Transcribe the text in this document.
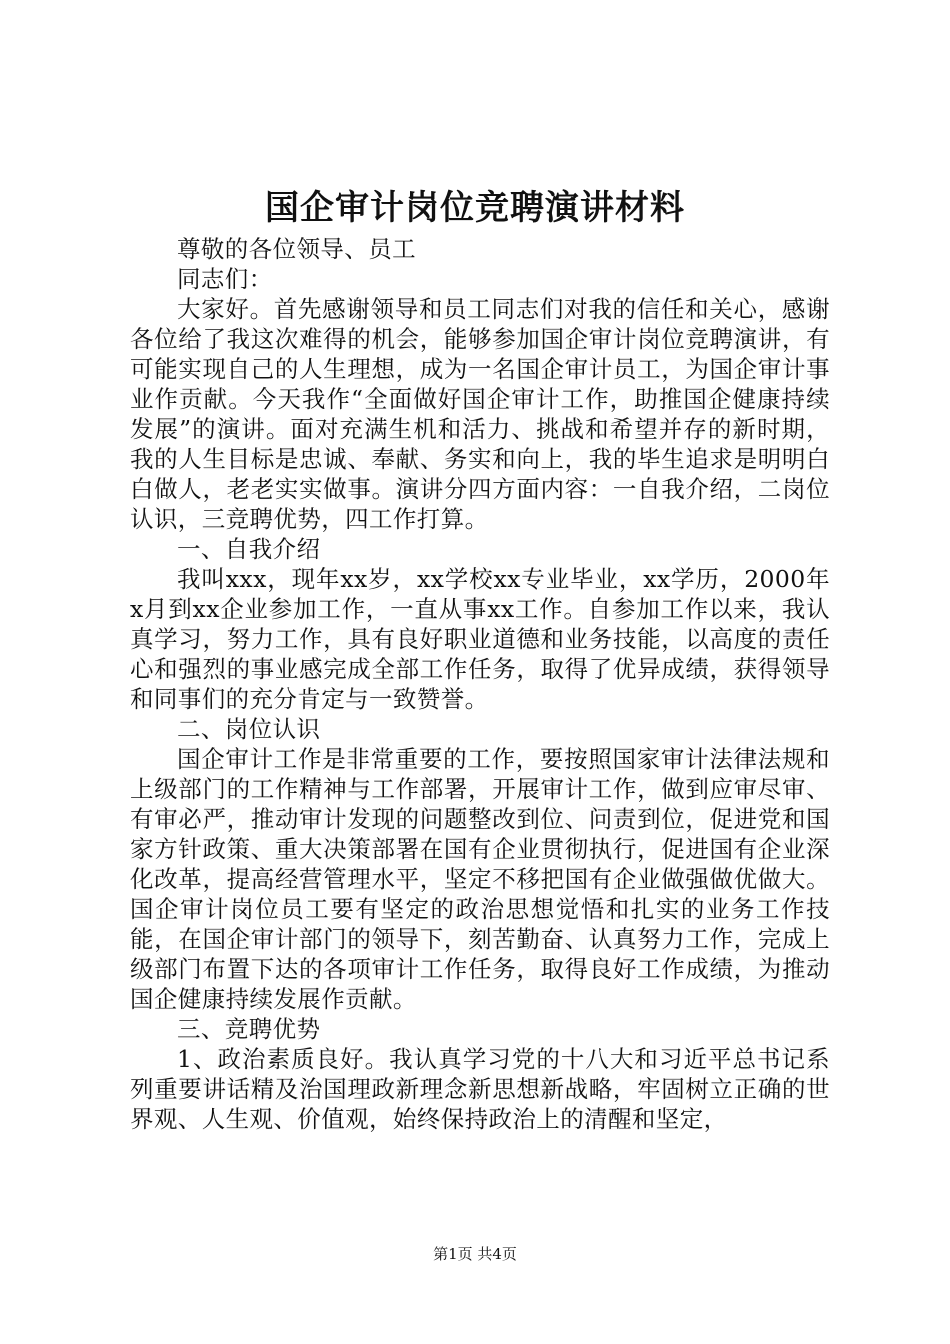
国企审计岗位竞聘演讲材料

尊敬的各位领导、员工

同志们：

大家好。首先感谢领导和员工同志们对我的信任和关心，感谢各位给了我这次难得的机会，能够参加国企审计岗位竞聘演讲，有可能实现自己的人生理想，成为一名国企审计员工，为国企审计事业作贡献。今天我作“全面做好国企审计工作，助推国企健康持续发展”的演讲。面对充满生机和活力、挑战和希望并存的新时期，我的人生目标是忠诚、奉献、务实和向上，我的毕生追求是明明白白做人，老老实实做事。演讲分四方面内容：一自我介绍，二岗位认识，三竞聘优势，四工作打算。

一、自我介绍

我叫xxx，现年xx岁，xx学校xx专业毕业，xx学历，2000年x月到xx企业参加工作，一直从事xx工作。自参加工作以来，我认真学习，努力工作，具有良好职业道德和业务技能，以高度的责任心和强烈的事业感完成全部工作任务，取得了优异成绩，获得领导和同事们的充分肯定与一致赞誉。

二、岗位认识

国企审计工作是非常重要的工作，要按照国家审计法律法规和上级部门的工作精神与工作部署，开展审计工作，做到应审尽审、有审必严，推动审计发现的问题整改到位、问责到位，促进党和国家方针政策、重大决策部署在国有企业贯彻执行，促进国有企业深化改革，提高经营管理水平，坚定不移把国有企业做强做优做大。国企审计岗位员工要有坚定的政治思想觉悟和扎实的业务工作技能，在国企审计部门的领导下，刻苦勤奋、认真努力工作，完成上级部门布置下达的各项审计工作任务，取得良好工作成绩，为推动国企健康持续发展作贡献。

三、竞聘优势

1、政治素质良好。我认真学习党的十八大和习近平总书记系列重要讲话精及治国理政新理念新思想新战略，牢固树立正确的世界观、人生观、价值观，始终保持政治上的清醒和坚定，

第1页 共4页
